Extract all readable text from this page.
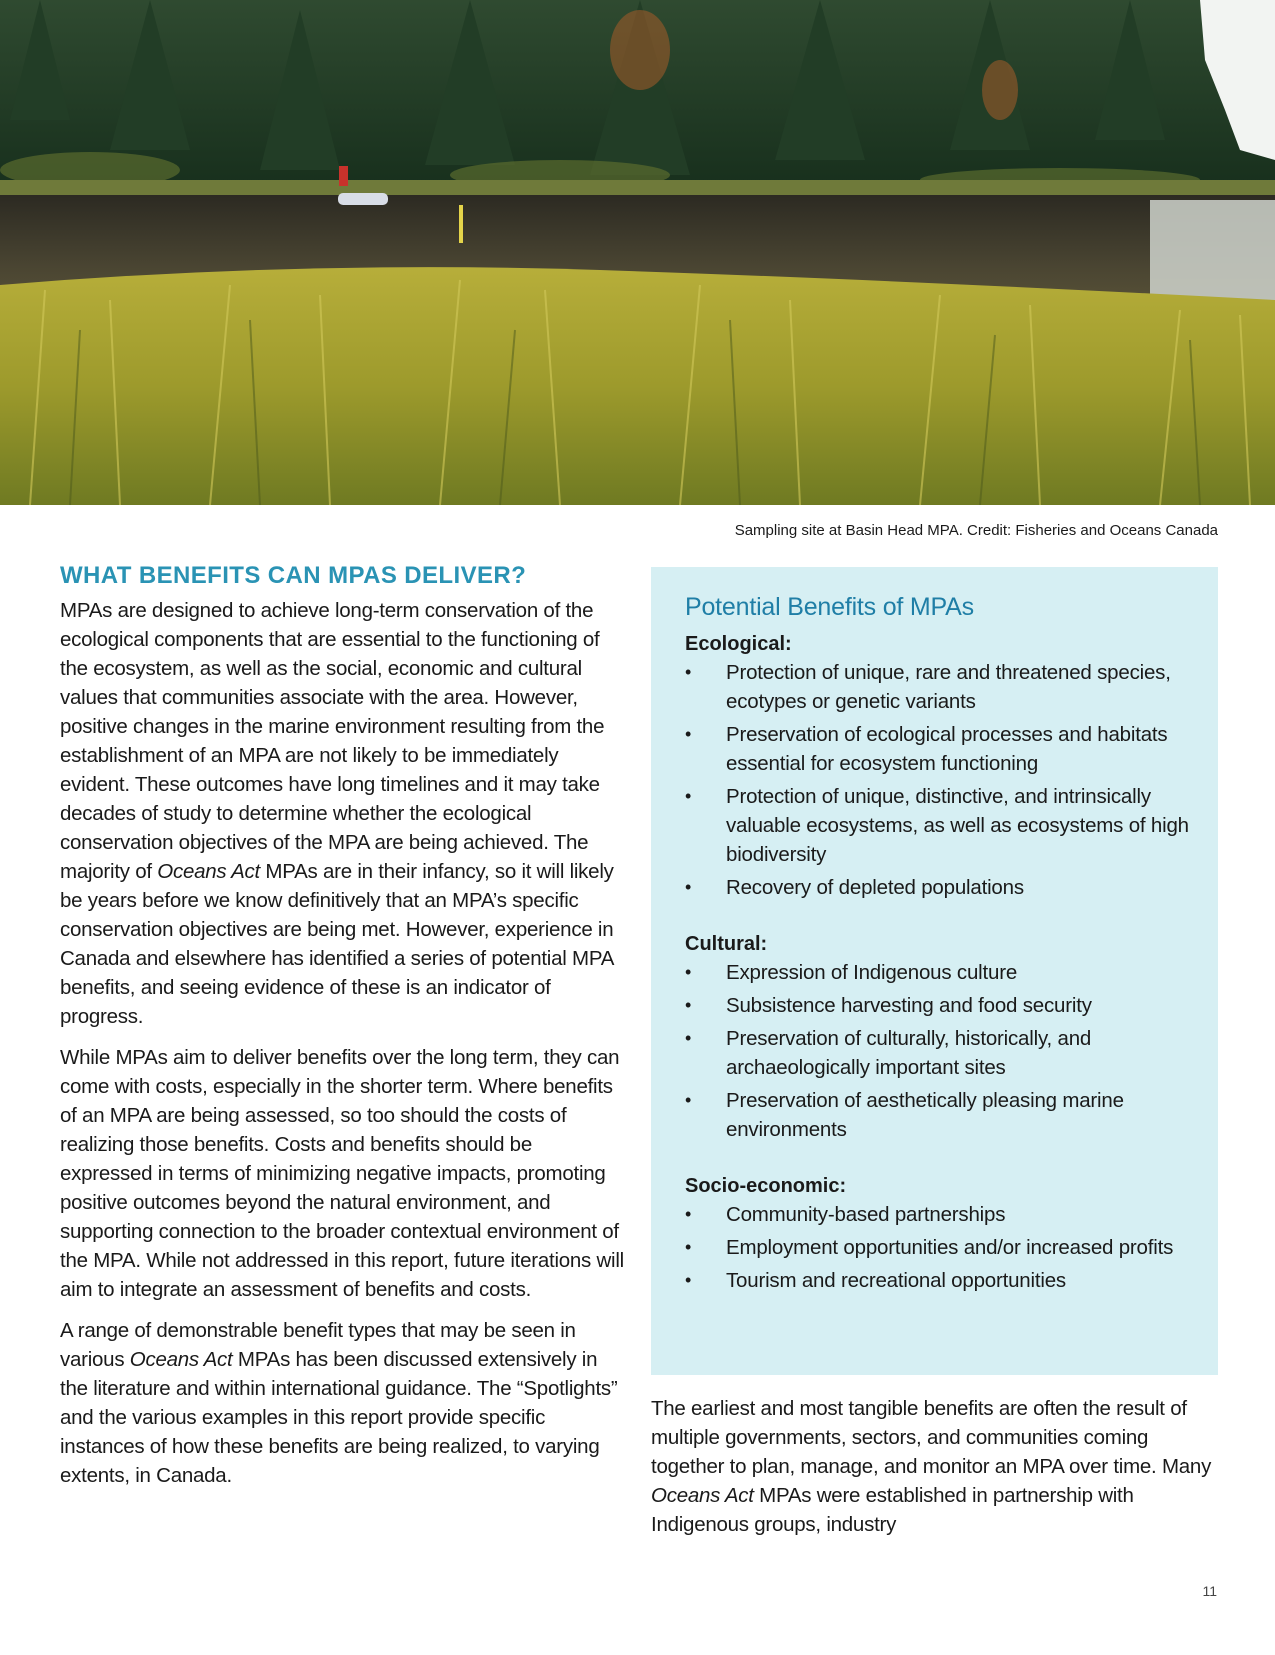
Sampling site at Basin Head MPA. Credit: Fisheries and Oceans Canada
WHAT BENEFITS CAN MPAS DELIVER?

MPAs are designed to achieve long-term conservation of the ecological components that are essential to the functioning of the ecosystem, as well as the social, economic and cultural values that communities associate with the area. However, positive changes in the marine environment resulting from the establishment of an MPA are not likely to be immediately evident. These outcomes have long timelines and it may take decades of study to determine whether the ecological conservation objectives of the MPA are being achieved. The majority of Oceans Act MPAs are in their infancy, so it will likely be years before we know definitively that an MPA’s specific conservation objectives are being met. However, experience in Canada and elsewhere has identified a series of potential MPA benefits, and seeing evidence of these is an indicator of progress.

While MPAs aim to deliver benefits over the long term, they can come with costs, especially in the shorter term. Where benefits of an MPA are being assessed, so too should the costs of realizing those benefits. Costs and benefits should be expressed in terms of minimizing negative impacts, promoting positive outcomes beyond the natural environment, and supporting connection to the broader contextual environment of the MPA. While not addressed in this report, future iterations will aim to integrate an assessment of benefits and costs.

A range of demonstrable benefit types that may be seen in various Oceans Act MPAs has been discussed extensively in the literature and within international guidance. The “Spotlights” and the various examples in this report provide specific instances of how these benefits are being realized, to varying extents, in Canada.

Potential Benefits of MPAs
Ecological:
• Protection of unique, rare and threatened species, ecotypes or genetic variants
• Preservation of ecological processes and habitats essential for ecosystem functioning
• Protection of unique, distinctive, and intrinsically valuable ecosystems, as well as ecosystems of high biodiversity
• Recovery of depleted populations
Cultural:
• Expression of Indigenous culture
• Subsistence harvesting and food security
• Preservation of culturally, historically, and archaeologically important sites
• Preservation of aesthetically pleasing marine environments
Socio-economic:
• Community-based partnerships
• Employment opportunities and/or increased profits
• Tourism and recreational opportunities

The earliest and most tangible benefits are often the result of multiple governments, sectors, and communities coming together to plan, manage, and monitor an MPA over time. Many Oceans Act MPAs were established in partnership with Indigenous groups, industry

11
